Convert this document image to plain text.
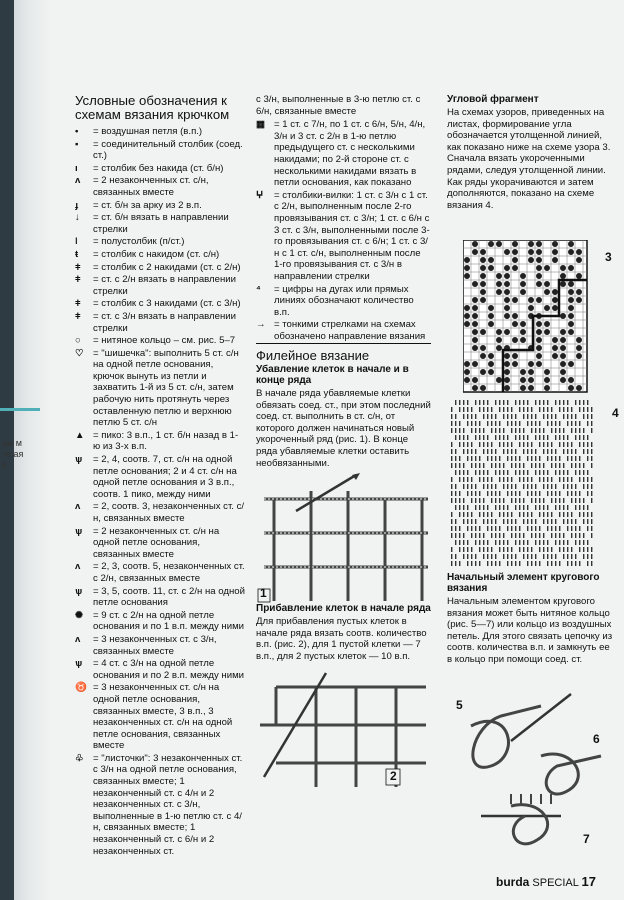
ам м те ая й
Условные обозначения к схемам вязания крючком
•	= воздушная петля (в.п.)
▪	= соединительный столбик (соед. ст.)
ı	= столбик без накида (ст. б/н)
ʌ	= 2 незаконченных ст. с/н, связанных вместе
ɟ	= ст. б/н за арку из 2 в.п.
↓	= ст. б/н вязать в направлении стрелки
ǀ	= полустолбик (п/ст.)
ŧ	= столбик с накидом (ст. с/н)
ǂ	= столбик с 2 накидами (ст. с 2/н)
ǂ	= ст. с 2/н вязать в направлении стрелки
ǂ	= столбик с 3 накидами (ст. с 3/н)
ǂ	= ст. с 3/н вязать в направлении стрелки
○	= нитяное кольцо – см. рис. 5–7
♡ = "шишечка": выполнить 5 ст. с/н на одной петле основания, крючок вынуть из петли и захватить 1-й из 5 ст. с/н, затем рабочую нить протянуть через оставленную петлю и верхнюю петлю 5 ст. с/н
▲ = пико: 3 в.п., 1 ст. б/н назад в 1-ю из 3-х в.п.
ѱ	= 2, 4, соотв. 7, ст. с/н на одной петле основания; 2 и 4 ст. с/н на одной петле основания и 3 в.п., соотв. 1 пико, между ними
ʌ	= 2, соотв. 3, незаконченных ст. с/н, связанных вместе
ѱ	= 2 незаконченных ст. с/н на одной петле основания, связанных вместе
ʌ	= 2, 3, соотв. 5, незаконченных ст. с 2/н, связанных вместе
ѱ	= 3, 5, соотв. 11, ст. с 2/н на одной петле основания
✺	= 9 ст. с 2/н на одной петле основания и по 1 в.п. между ними
ʌ	= 3 незаконченных ст. с 3/н, связанных вместе
ѱ	= 4 ст. с 3/н на одной петле основания и по 2 в.п. между ними
♉ = 3 незаконченных ст. с/н на одной петле основания, связанных вместе, 3 в.п., 3 незаконченных ст. с/н на одной петле основания, связанных вместе
♧ = "листочки": 3 незаконченных ст. с 3/н на одной петле основания, связанных вместе; 1 незаконченный ст. с 4/н и 2 незаконченных ст. с 3/н, выполненные в 1-ю петлю ст. с 4/н, связанных вместе; 1 незаконченный ст. с 6/н и 2 незаконченных ст.

с 3/н, выполненные в 3-ю петлю ст. с 6/н, связанные вместе

▦ = 1 ст. с 7/н, по 1 ст. с 6/н, 5/н, 4/н, 3/н и 3 ст. с 2/н в 1-ю петлю предыдущего ст. с несколькими накидами; по 2-й стороне ст. с несколькими накидами вязать в петли основания, как показано
ⵖ	= столбики-вилки: 1 ст. с 3/н с 1 ст. с 2/н, выполненным после 2-го провязывания ст. с 3/н; 1 ст. с 6/н с 3 ст. с 3/н, выполненными после 3-го провязывания ст. с 6/н; 1 ст. с 3/н с 1 ст. с/н, выполненным после 1-го провязывания ст. с 3/н в направлении стрелки
⁴	= цифры на дугах или прямых линиях обозначают количество в.п.
→ = тонкими стрелками на схемах обозначено направление вязания
Филейное вязание
Убавление клеток в начале и в конце ряда

В начале ряда убавляемые клетки обвязать соед. ст., при этом последний соед. ст. выполнить в ст. с/н, от которого должен начинаться новый укороченный ряд (рис. 1). В конце ряда убавляемые клетки оставить необвязанными.

1
Прибавление клеток в начале ряда

Для прибавления пустых клеток в начале ряда вязать соотв. количество в.п. (рис. 2), для 1 пустой клетки — 7 в.п., для 2 пустых клеток — 10 в.п.

2
Угловой фрагмент

На схемах узоров, приведенных на листах, формирование угла обозначается утолщенной линией, как показано ниже на схеме узора 3. Сначала вязать укороченными рядами, следуя утолщенной линии. Как ряды укорачиваются и затем дополняются, показано на схеме вязания 4.

3
4
Начальный элемент кругового вязания

Начальным элементом кругового вязания может быть нитяное кольцо (рис. 5—7) или кольцо из воздушных петель. Для этого связать цепочку из соотв. количества в.п. и замкнуть ее в кольцо при помощи соед. ст.

5
6
7
burda SPECIAL 17
